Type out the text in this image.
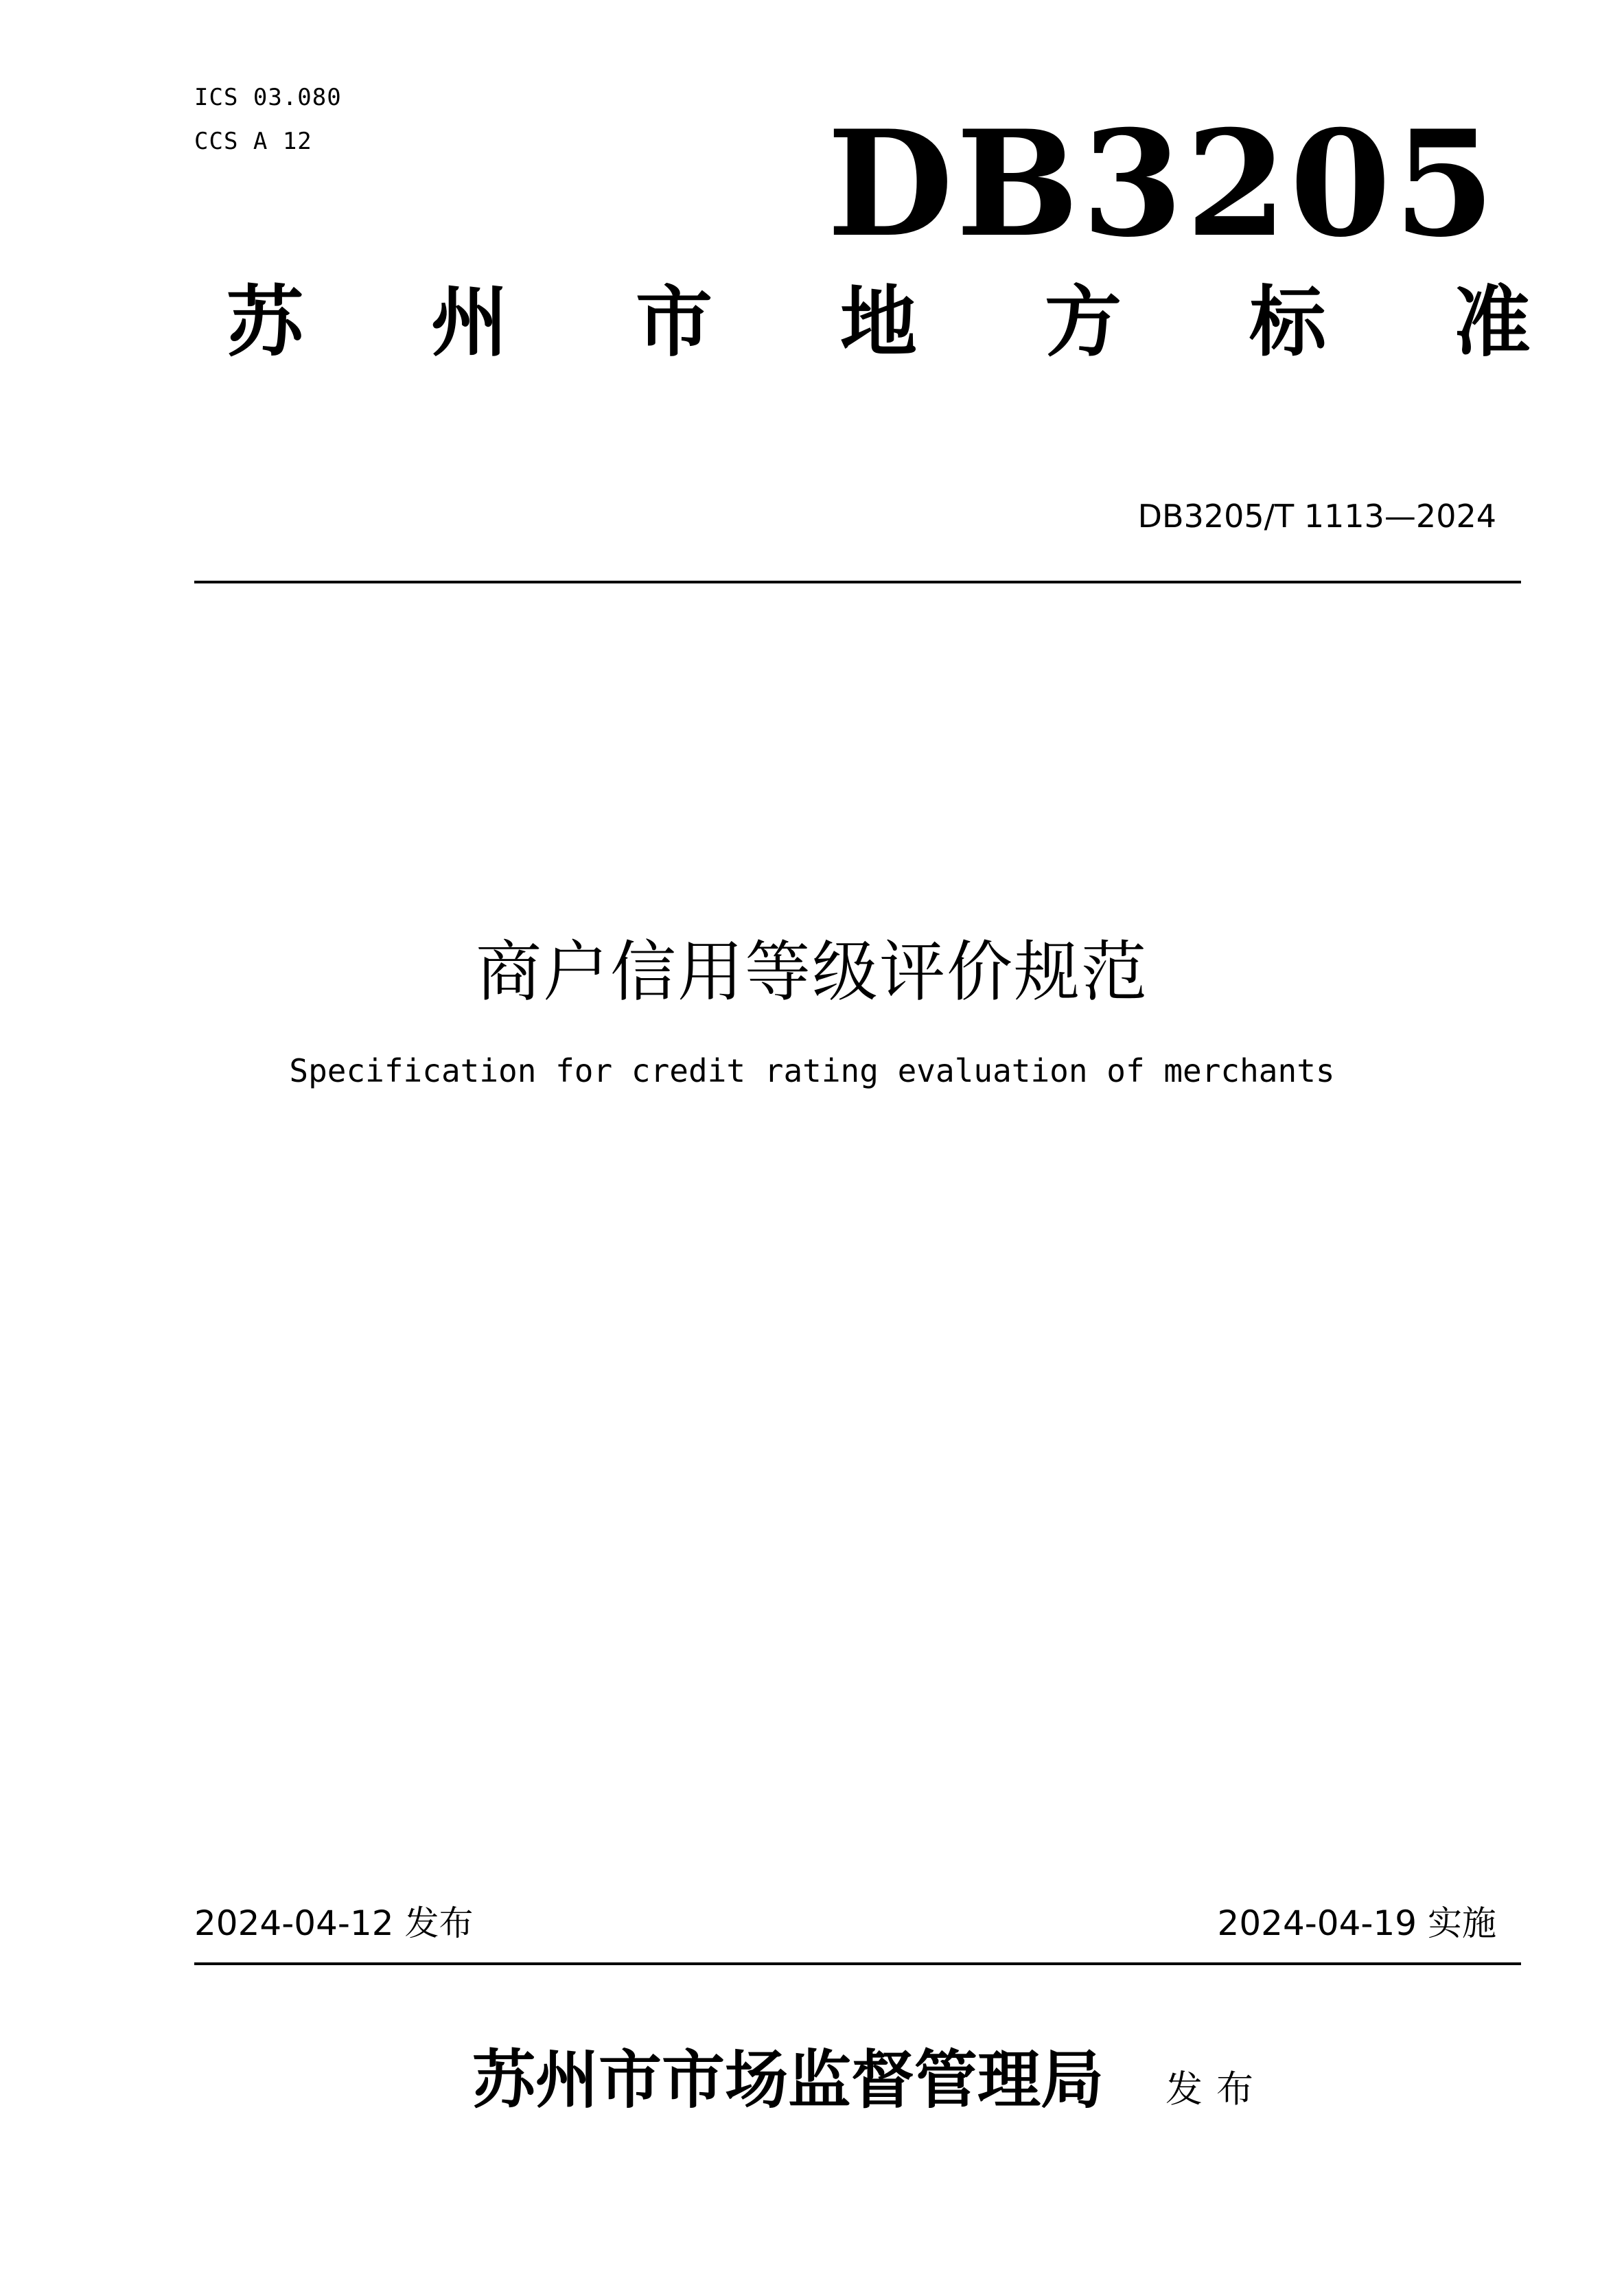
ICS 03.080
CCS A 12	DB3205
苏 州 市 地 方 标 准
DB3205/T 1113—2024
商户信用等级评价规范
Specification for credit rating evaluation of merchants
2024-04-12 发布	2024-04-19 实施
苏州市市场监督管理局 发布
